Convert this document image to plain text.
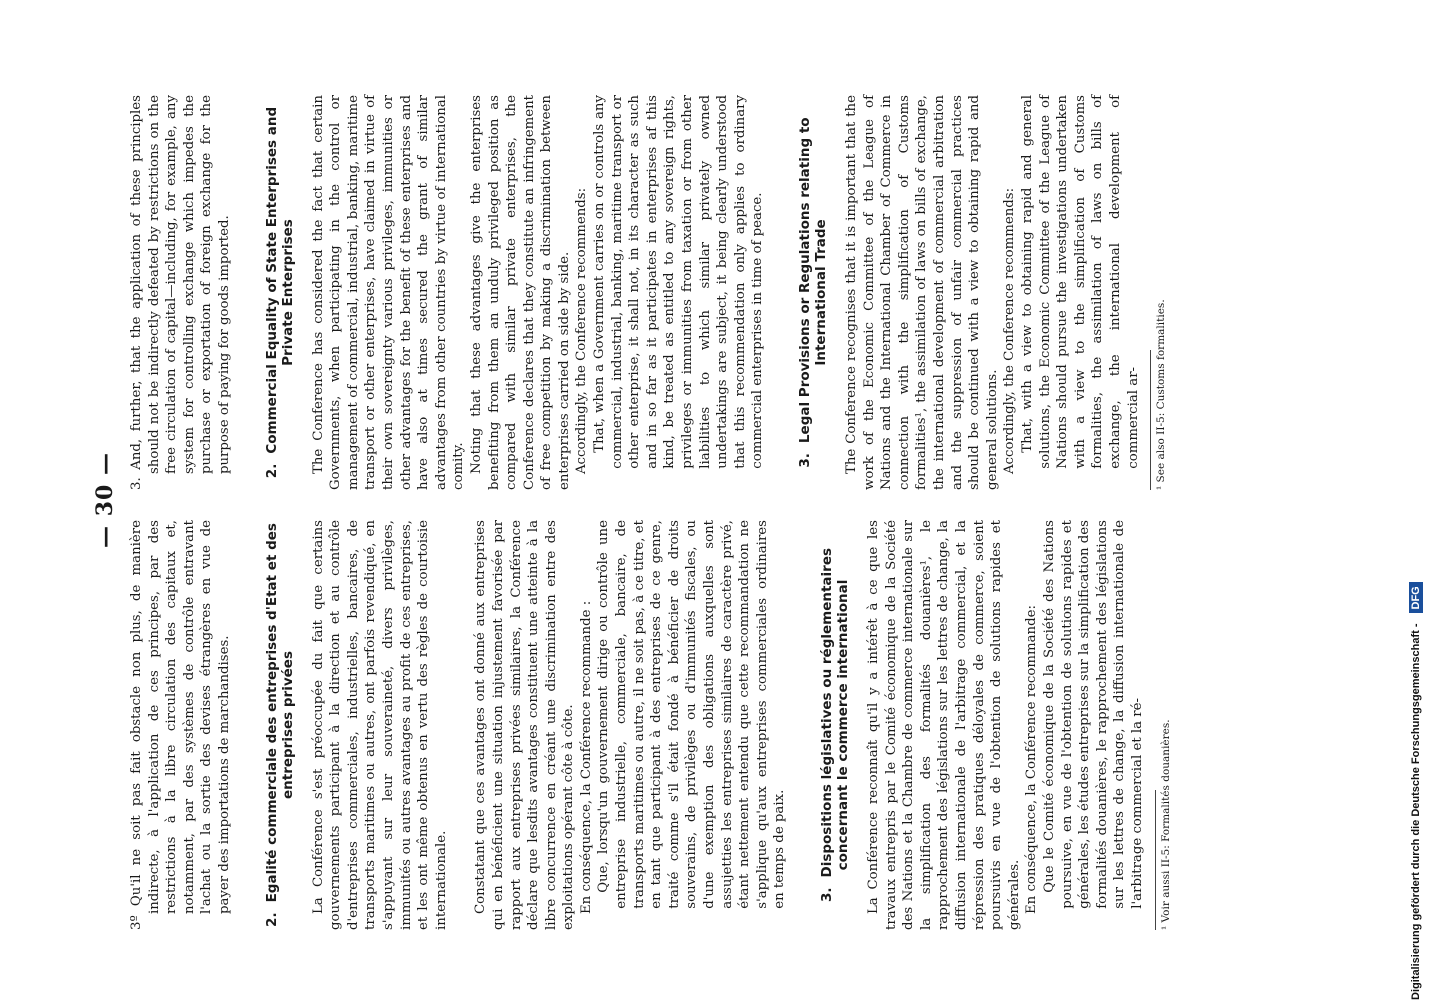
— 30 —

3º Qu'il ne soit pas fait obstacle non plus, de manière indirecte, à l'application de ces principes, par des restrictions à la libre circulation des capitaux et, notamment, par des systèmes de contrôle entravant l'achat ou la sortie des devises étrangères en vue de payer des importations de marchandises.

2.Egalité commerciale des entreprises d'Etat et des entreprises privées La Conférence s'est préoccupée du fait que certains gouvernements participant à la direction et au contrôle d'entreprises commerciales, industrielles, bancaires, de transports maritimes ou autres, ont parfois revendiqué, en s'appuyant sur leur souveraineté, divers privilèges, immunités ou autres avantages au profit de ces entreprises, et les ont même obtenus en vertu des règles de courtoisie internationale. Constatant que ces avantages ont donné aux entreprises qui en bénéficient une situation injustement favorisée par rapport aux entreprises privées similaires, la Conférence déclare que lesdits avantages constituent une atteinte à la libre concurrence en créant une discrimination entre des exploitations opérant côte à côte. En conséquence, la Conférence recommande : Que, lorsqu'un gouvernement dirige ou contrôle une entreprise industrielle, commerciale, bancaire, de transports maritimes ou autre, il ne soit pas, à ce titre, et en tant que participant à des entreprises de ce genre, traité comme s'il était fondé à bénéficier de droits souverains, de privilèges ou d'immunités fiscales, ou d'une exemption des obligations auxquelles sont assujetties les entreprises similaires de caractère privé, étant nettement entendu que cette recommandation ne s'applique qu'aux entreprises commerciales ordinaires en temps de paix. 3.Dispositions législatives ou réglementaires concernant le commerce international La Conférence reconnaît qu'il y a intérêt à ce que les travaux entrepris par le Comité économique de la Société des Nations et la Chambre de commerce internationale sur la simplification des formalités douanières¹, le rapprochement des législations sur les lettres de change, la diffusion internationale de l'arbitrage commercial, et la répression des pratiques déloyales de commerce, soient poursuivis en vue de l'obtention de solutions rapides et générales. En conséquence, la Conférence recommande: Que le Comité économique de la Société des Nations poursuive, en vue de l'obtention de solutions rapides et générales, les études entreprises sur la simplification des formalités douanières, le rapprochement des législations sur les lettres de change, la diffusion internationale de l'arbitrage commercial et la ré- ¹ Voir aussi II-5: Formalités douanières.

3. And, further, that the application of these principles should not be indirectly defeated by restrictions on the free circulation of capital—including, for example, any system for controlling exchange which impedes the purchase or exportation of foreign exchange for the purpose of paying for goods imported. 2.Commercial Equality of State Enterprises and Private Enterprises The Conference has considered the fact that certain Governments, when participating in the control or management of commercial, industrial, banking, maritime transport or other enterprises, have claimed in virtue of their own sovereignty various privileges, immunities or other advantages for the benefit of these enterprises and have also at times secured the grant of similar advantages from other countries by virtue of international comity. Noting that these advantages give the enterprises benefiting from them an unduly privileged position as compared with similar private enterprises, the Conference declares that they constitute an infringement of free competition by making a discrimination between enterprises carried on side by side. Accordingly, the Conference recommends: That, when a Government carries on or controls any commercial, industrial, banking, maritime transport or other enterprise, it shall not, in its character as such and in so far as it participates in enterprises af this kind, be treated as entitled to any sovereign rights, privileges or immunities from taxation or from other liabilities to which similar privately owned undertakings are subject, it being clearly understood that this recommendation only applies to ordinary commercial enterprises in time of peace. 3.Legal Provisions or Regulations relating to International Trade The Conference recognises that it is important that the work of the Economic Committee of the League of Nations and the International Chamber of Commerce in connection with the simplification of Customs formalities¹, the assimilation of laws on bills of exchange, the international development of commercial arbitration and the suppression of unfair commercial practices should be continued with a view to obtaining rapid and general solutions. Accordingly, the Conference recommends: That, with a view to obtaining rapid and general solutions, the Economic Committee of the League of Nations should pursue the investigations undertaken with a view to the simplification of Customs formalities, the assimilation of laws on bills of exchange, the international development of commercial ar- ¹ See also II-5: Customs formalities.

Digitalisierung gefördert durch die Deutsche Forschungsgemeinschaft -
DFG
